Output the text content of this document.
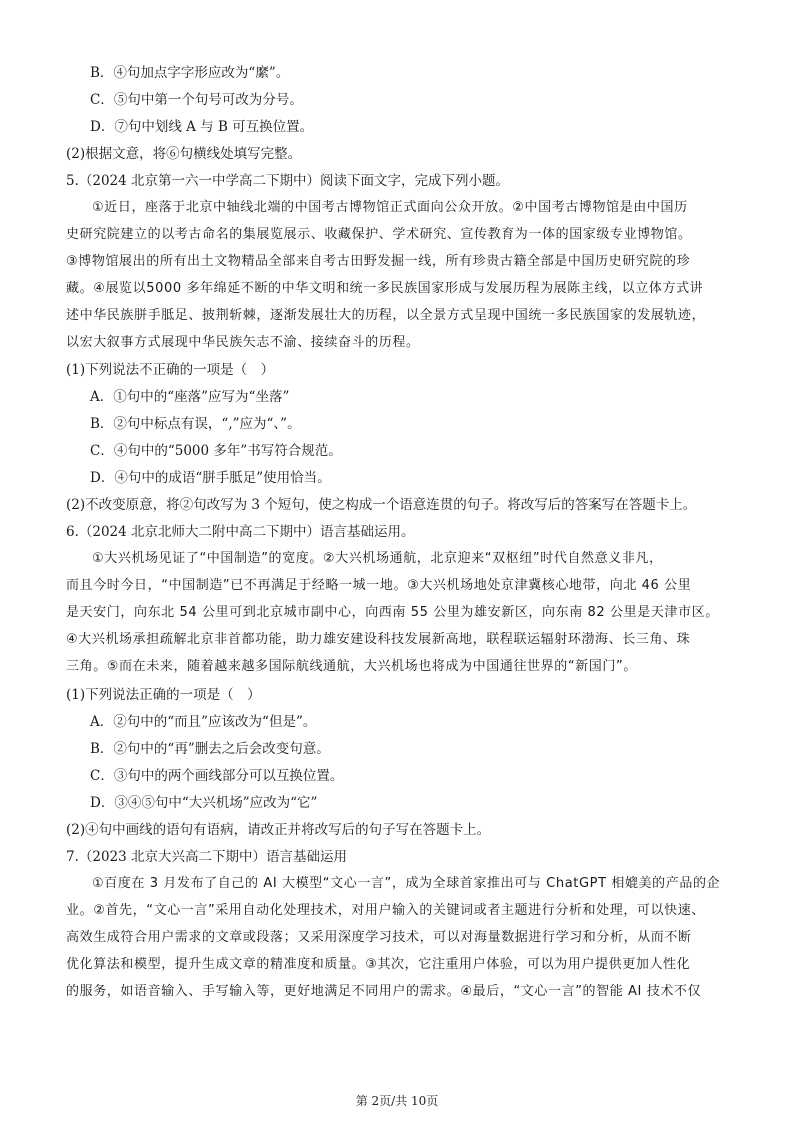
B．④句加点字字形应改为“縻”。
C．⑤句中第一个句号可改为分号。
D．⑦句中划线 A 与 B 可互换位置。
(2)根据文意，将⑥句横线处填写完整。
5.（2024 北京第一六一中学高二下期中）阅读下面文字，完成下列小题。
①近日，座落于北京中轴线北端的中国考古博物馆正式面向公众开放。②中国考古博物馆是由中国历
史研究院建立的以考古命名的集展览展示、收藏保护、学术研究、宣传教育为一体的国家级专业博物馆。
③博物馆展出的所有出土文物精品全部来自考古田野发掘一线，所有珍贵古籍全部是中国历史研究院的珍
藏。④展览以5000 多年绵延不断的中华文明和统一多民族国家形成与发展历程为展陈主线，以立体方式讲
述中华民族胼手胝足、披荆斩棘，逐渐发展壮大的历程，以全景方式呈现中国统一多民族国家的发展轨迹，
以宏大叙事方式展现中华民族矢志不渝、接续奋斗的历程。
(1)下列说法不正确的一项是（　）
A．①句中的“座落”应写为“坐落”
B．②句中标点有误，“,”应为“、”。
C．④句中的“5000 多年”书写符合规范。
D．④句中的成语“胼手胝足”使用恰当。
(2)不改变原意，将②句改写为 3 个短句，使之构成一个语意连贯的句子。将改写后的答案写在答题卡上。
6.（2024 北京北师大二附中高二下期中）语言基础运用。
①大兴机场见证了“中国制造”的宽度。②大兴机场通航，北京迎来“双枢纽”时代自然意义非凡，
而且今时今日，“中国制造”已不再满足于经略一城一地。③大兴机场地处京津冀核心地带，向北 46 公里
是天安门，向东北 54 公里可到北京城市副中心，向西南 55 公里为雄安新区，向东南 82 公里是天津市区。
④大兴机场承担疏解北京非首都功能，助力雄安建设科技发展新高地，联程联运辐射环渤海、长三角、珠
三角。⑤而在未来，随着越来越多国际航线通航，大兴机场也将成为中国通往世界的“新国门”。
(1)下列说法正确的一项是（　）
A．②句中的“而且”应该改为“但是”。
B．②句中的“再”删去之后会改变句意。
C．③句中的两个画线部分可以互换位置。
D．③④⑤句中“大兴机场”应改为“它”
(2)④句中画线的语句有语病，请改正并将改写后的句子写在答题卡上。
7.（2023 北京大兴高二下期中）语言基础运用
①百度在 3 月发布了自己的 AI 大模型“文心一言”，成为全球首家推出可与 ChatGPT 相媲美的产品的企
业。②首先，“文心一言”采用自动化处理技术，对用户输入的关键词或者主题进行分析和处理，可以快速、
高效生成符合用户需求的文章或段落；又采用深度学习技术，可以对海量数据进行学习和分析，从而不断
优化算法和模型，提升生成文章的精准度和质量。③其次，它注重用户体验，可以为用户提供更加人性化
的服务，如语音输入、手写输入等，更好地满足不同用户的需求。④最后，“文心一言”的智能 AI 技术不仅
第 2页/共 10页
